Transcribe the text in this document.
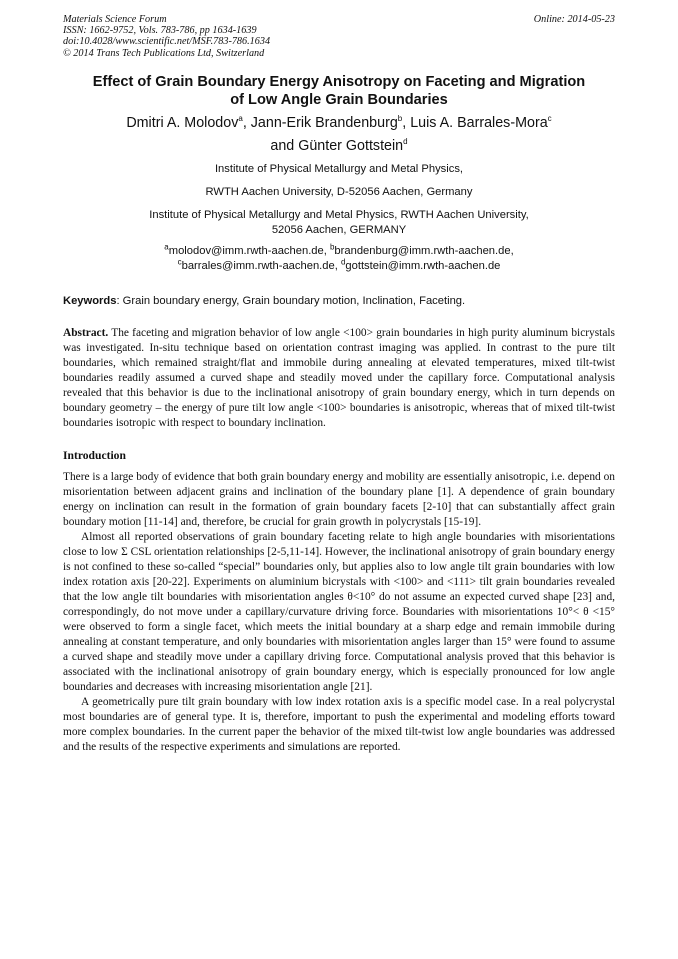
Materials Science Forum
ISSN: 1662-9752, Vols. 783-786, pp 1634-1639
doi:10.4028/www.scientific.net/MSF.783-786.1634
© 2014 Trans Tech Publications Ltd, Switzerland
Online: 2014-05-23
Effect of Grain Boundary Energy Anisotropy on Faceting and Migration
of Low Angle Grain Boundaries
Dmitri A. Molodov$^a$, Jann-Erik Brandenburg$^b$, Luis A. Barrales-Mora$^c$
and Günter Gottstein$^d$
Institute of Physical Metallurgy and Metal Physics,
RWTH Aachen University, D-52056 Aachen, Germany
Institute of Physical Metallurgy and Metal Physics, RWTH Aachen University,
52056 Aachen, GERMANY
$^a$molodov@imm.rwth-aachen.de, $^b$brandenburg@imm.rwth-aachen.de,
$^c$barrales@imm.rwth-aachen.de, $^d$gottstein@imm.rwth-aachen.de
Keywords: Grain boundary energy, Grain boundary motion, Inclination, Faceting.

Abstract. The faceting and migration behavior of low angle <100> grain boundaries in high purity aluminum bicrystals was investigated. In-situ technique based on orientation contrast imaging was applied. In contrast to the pure tilt boundaries, which remained straight/flat and immobile during annealing at elevated temperatures, mixed tilt-twist boundaries readily assumed a curved shape and steadily moved under the capillary force. Computational analysis revealed that this behavior is due to the inclinational anisotropy of grain boundary energy, which in turn depends on boundary geometry – the energy of pure tilt low angle <100> boundaries is anisotropic, whereas that of mixed tilt-twist boundaries isotropic with respect to boundary inclination.

Introduction

There is a large body of evidence that both grain boundary energy and mobility are essentially anisotropic, i.e. depend on misorientation between adjacent grains and inclination of the boundary plane [1]. A dependence of grain boundary energy on inclination can result in the formation of grain boundary facets [2-10] that can substantially affect grain boundary motion [11-14] and, therefore, be crucial for grain growth in polycrystals [15-19].

Almost all reported observations of grain boundary faceting relate to high angle boundaries with misorientations close to low Σ CSL orientation relationships [2-5,11-14]. However, the inclinational anisotropy of grain boundary energy is not confined to these so-called “special” boundaries only, but applies also to low angle tilt grain boundaries with low index rotation axis [20-22]. Experiments on aluminium bicrystals with <100> and <111> tilt grain boundaries revealed that the low angle tilt boundaries with misorientation angles θ<10° do not assume an expected curved shape [23] and, correspondingly, do not move under a capillary/curvature driving force. Boundaries with misorientations 10°< θ <15° were observed to form a single facet, which meets the initial boundary at a sharp edge and remain immobile during annealing at constant temperature, and only boundaries with misorientation angles larger than 15° were found to assume a curved shape and steadily move under a capillary driving force. Computational analysis proved that this behavior is associated with the inclinational anisotropy of grain boundary energy, which is especially pronounced for low angle boundaries and decreases with increasing misorientation angle [21].

A geometrically pure tilt grain boundary with low index rotation axis is a specific model case. In a real polycrystal most boundaries are of general type. It is, therefore, important to push the experimental and modeling efforts toward more complex boundaries. In the current paper the behavior of the mixed tilt-twist low angle boundaries was addressed and the results of the respective experiments and simulations are reported.
